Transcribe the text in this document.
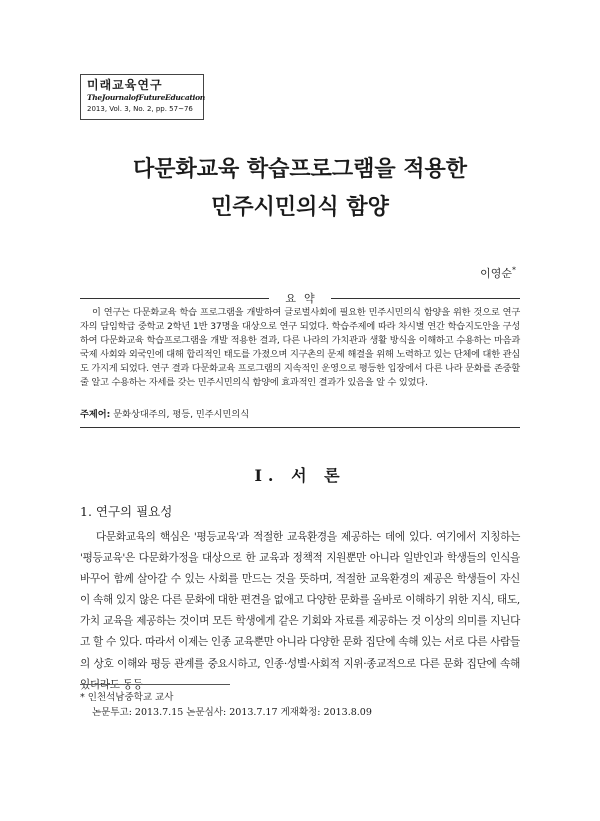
미래교육연구
TheJournalofFutureEducation
2013, Vol. 3, No. 2, pp. 57~76
다문화교육 학습프로그램을 적용한
민주시민의식 함양
이영순*
요약
이 연구는 다문화교육 학습 프로그램을 개발하여 글로벌사회에 필요한 민주시민의식 함양을 위한 것으로 연구자의 담임학급 중학교 2학년 1반 37명을 대상으로 연구 되었다. 학습주제에 따라 차시별 연간 학습지도안을 구성하여 다문화교육 학습프로그램을 개발 적용한 결과, 다른 나라의 가치관과 생활 방식을 이해하고 수용하는 마음과 국제 사회와 외국인에 대해 합리적인 태도를 가졌으며 지구촌의 문제 해결을 위해 노력하고 있는 단체에 대한 관심도 가지게 되었다. 연구 결과 다문화교육 프로그램의 지속적인 운영으로 평등한 입장에서 다른 나라 문화를 존중할 줄 알고 수용하는 자세를 갖는 민주시민의식 함양에 효과적인 결과가 있음을 알 수 있었다.
주제어: 문화상대주의, 평등, 민주시민의식
Ⅰ. 서 론
1. 연구의 필요성
다문화교육의 핵심은 '평등교육'과 적절한 교육환경을 제공하는 데에 있다. 여기에서 지칭하는 '평등교육'은 다문화가정을 대상으로 한 교육과 정책적 지원뿐만 아니라 일반인과 학생들의 인식을 바꾸어 함께 살아갈 수 있는 사회를 만드는 것을 뜻하며, 적절한 교육환경의 제공은 학생들이 자신이 속해 있지 않은 다른 문화에 대한 편견을 없애고 다양한 문화를 올바로 이해하기 위한 지식, 태도, 가치 교육을 제공하는 것이며 모든 학생에게 같은 기회와 자료를 제공하는 것 이상의 의미를 지닌다고 할 수 있다. 따라서 이제는 인종 교육뿐만 아니라 다양한 문화 집단에 속해 있는 서로 다른 사람들의 상호 이해와 평등 관계를 중요시하고, 인종·성별·사회적 지위·종교적으로 다른 문화 집단에 속해 있더라도 동등
* 인천석남중학교 교사
논문투고: 2013.7.15 논문심사: 2013.7.17 게재확정: 2013.8.09
